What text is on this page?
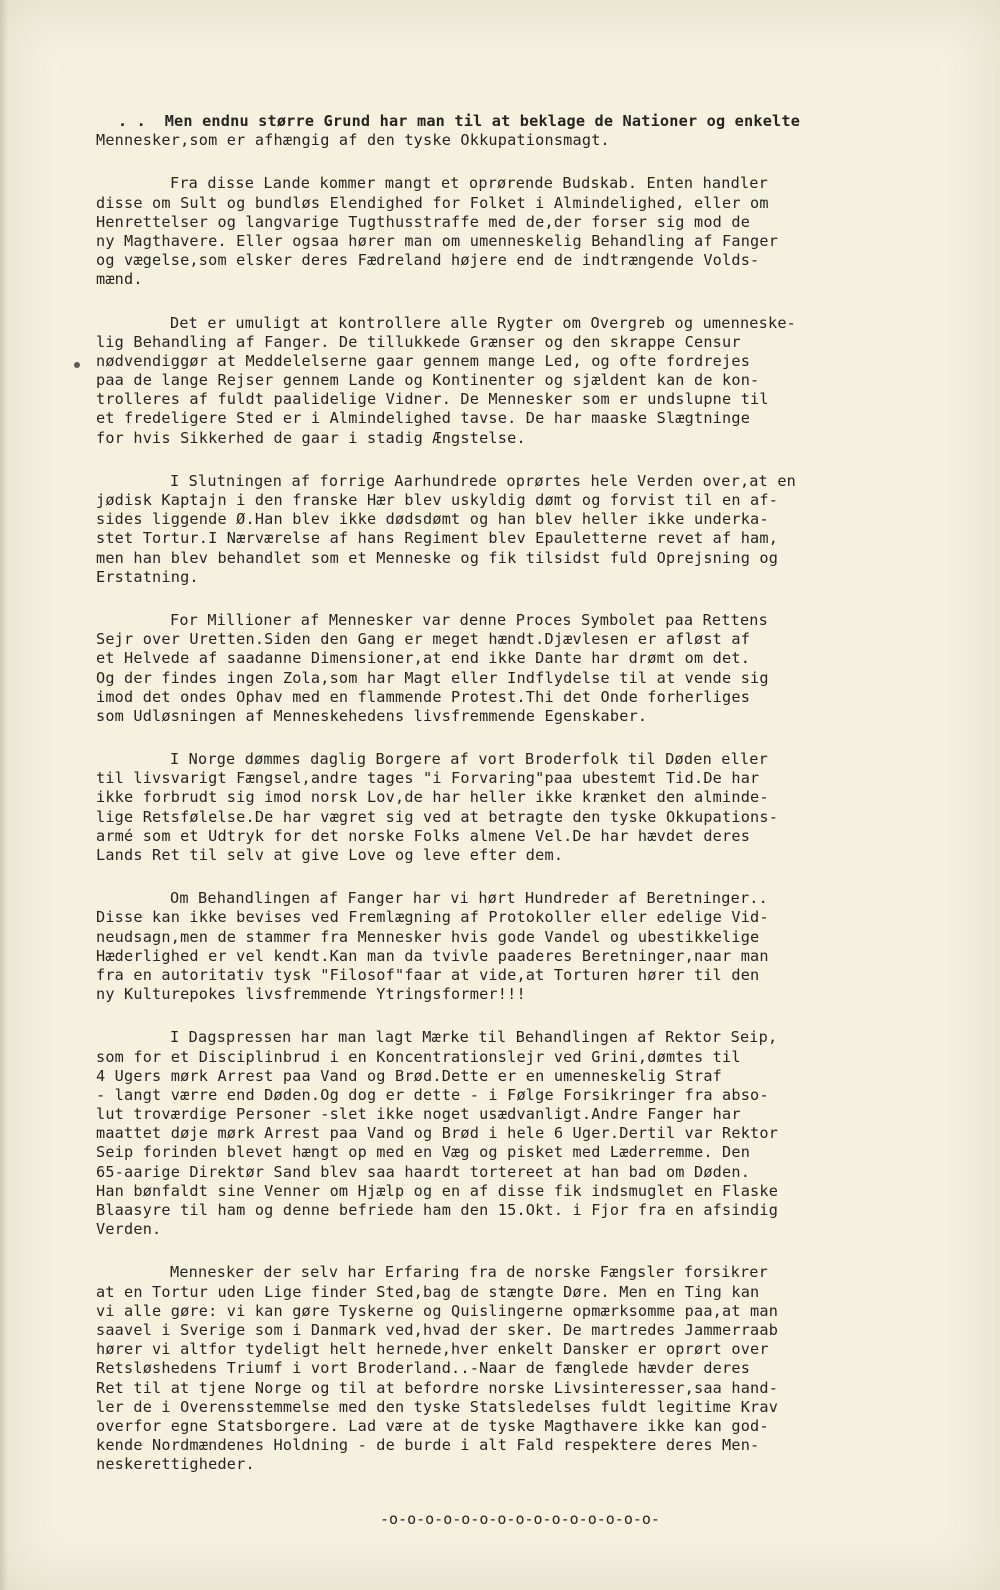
. .  Men endnu større Grund har man til at beklage de Nationer og enkelte
Mennesker,som er afhængig af den tyske Okkupationsmagt.
Fra disse Lande kommer mangt et oprørende Budskab. Enten handler
disse om Sult og bundløs Elendighed for Folket i Almindelighed, eller om
Henrettelser og langvarige Tugthusstraffe med de,der forser sig mod de
ny Magthavere. Eller ogsaa hører man om umenneskelig Behandling af Fanger
og vægelse,som elsker deres Fædreland højere end de indtrængende Volds-
mænd.
Det er umuligt at kontrollere alle Rygter om Overgreb og umenneske-
lig Behandling af Fanger. De tillukkede Grænser og den skrappe Censur
nødvendiggør at Meddelelserne gaar gennem mange Led, og ofte fordrejes
paa de lange Rejser gennem Lande og Kontinenter og sjældent kan de kon-
trolleres af fuldt paalidelige Vidner. De Mennesker som er undslupne til
et fredeligere Sted er i Almindelighed tavse. De har maaske Slægtninge
for hvis Sikkerhed de gaar i stadig Ængstelse.
I Slutningen af forrige Aarhundrede oprørtes hele Verden over,at en
jødisk Kaptajn i den franske Hær blev uskyldig dømt og forvist til en af-
sides liggende Ø.Han blev ikke dødsdømt og han blev heller ikke underka-
stet Tortur.I Nærværelse af hans Regiment blev Epauletterne revet af ham,
men han blev behandlet som et Menneske og fik tilsidst fuld Oprejsning og
Erstatning.
For Millioner af Mennesker var denne Proces Symbolet paa Rettens
Sejr over Uretten.Siden den Gang er meget hændt.Djævlesen er afløst af
et Helvede af saadanne Dimensioner,at end ikke Dante har drømt om det.
Og der findes ingen Zola,som har Magt eller Indflydelse til at vende sig
imod det ondes Ophav med en flammende Protest.Thi det Onde forherliges
som Udløsningen af Menneskehedens livsfremmende Egenskaber.
I Norge dømmes daglig Borgere af vort Broderfolk til Døden eller
til livsvarigt Fængsel,andre tages "i Forvaring"paa ubestemt Tid.De har
ikke forbrudt sig imod norsk Lov,de har heller ikke krænket den alminde-
lige Retsfølelse.De har vægret sig ved at betragte den tyske Okkupations-
armé som et Udtryk for det norske Folks almene Vel.De har hævdet deres
Lands Ret til selv at give Love og leve efter dem.
Om Behandlingen af Fanger har vi hørt Hundreder af Beretninger..
Disse kan ikke bevises ved Fremlægning af Protokoller eller edelige Vid-
neudsagn,men de stammer fra Mennesker hvis gode Vandel og ubestikkelige
Hæderlighed er vel kendt.Kan man da tvivle paaderes Beretninger,naar man
fra en autoritativ tysk "Filosof"faar at vide,at Torturen hører til den
ny Kulturepokes livsfremmende Ytringsformer!!!
I Dagspressen har man lagt Mærke til Behandlingen af Rektor Seip,
som for et Disciplinbrud i en Koncentrationslejr ved Grini,dømtes til
4 Ugers mørk Arrest paa Vand og Brød.Dette er en umenneskelig Straf
- langt værre end Døden.Og dog er dette - i Følge Forsikringer fra abso-
lut troværdige Personer -slet ikke noget usædvanligt.Andre Fanger har
maattet døje mørk Arrest paa Vand og Brød i hele 6 Uger.Dertil var Rektor
Seip forinden blevet hængt op med en Væg og pisket med Læderremme. Den
65-aarige Direktør Sand blev saa haardt tortereet at han bad om Døden.
Han bønfaldt sine Venner om Hjælp og en af disse fik indsmuglet en Flaske
Blaasyre til ham og denne befriede ham den 15.Okt. i Fjor fra en afsindig
Verden.
Mennesker der selv har Erfaring fra de norske Fængsler forsikrer
at en Tortur uden Lige finder Sted,bag de stængte Døre. Men en Ting kan
vi alle gøre: vi kan gøre Tyskerne og Quislingerne opmærksomme paa,at man
saavel i Sverige som i Danmark ved,hvad der sker. De martredes Jammerraab
hører vi altfor tydeligt helt hernede,hver enkelt Dansker er oprørt over
Retsløshedens Triumf i vort Broderland..-Naar de fænglede hævder deres
Ret til at tjene Norge og til at befordre norske Livsinteresser,saa hand-
ler de i Overensstemmelse med den tyske Statsledelses fuldt legitime Krav
overfor egne Statsborgere. Lad være at de tyske Magthavere ikke kan god-
kende Nordmændenes Holdning - de burde i alt Fald respektere deres Men-
neskerettigheder.
-o-o-o-o-o-o-o-o-o-o-o-o-o-o-o-
